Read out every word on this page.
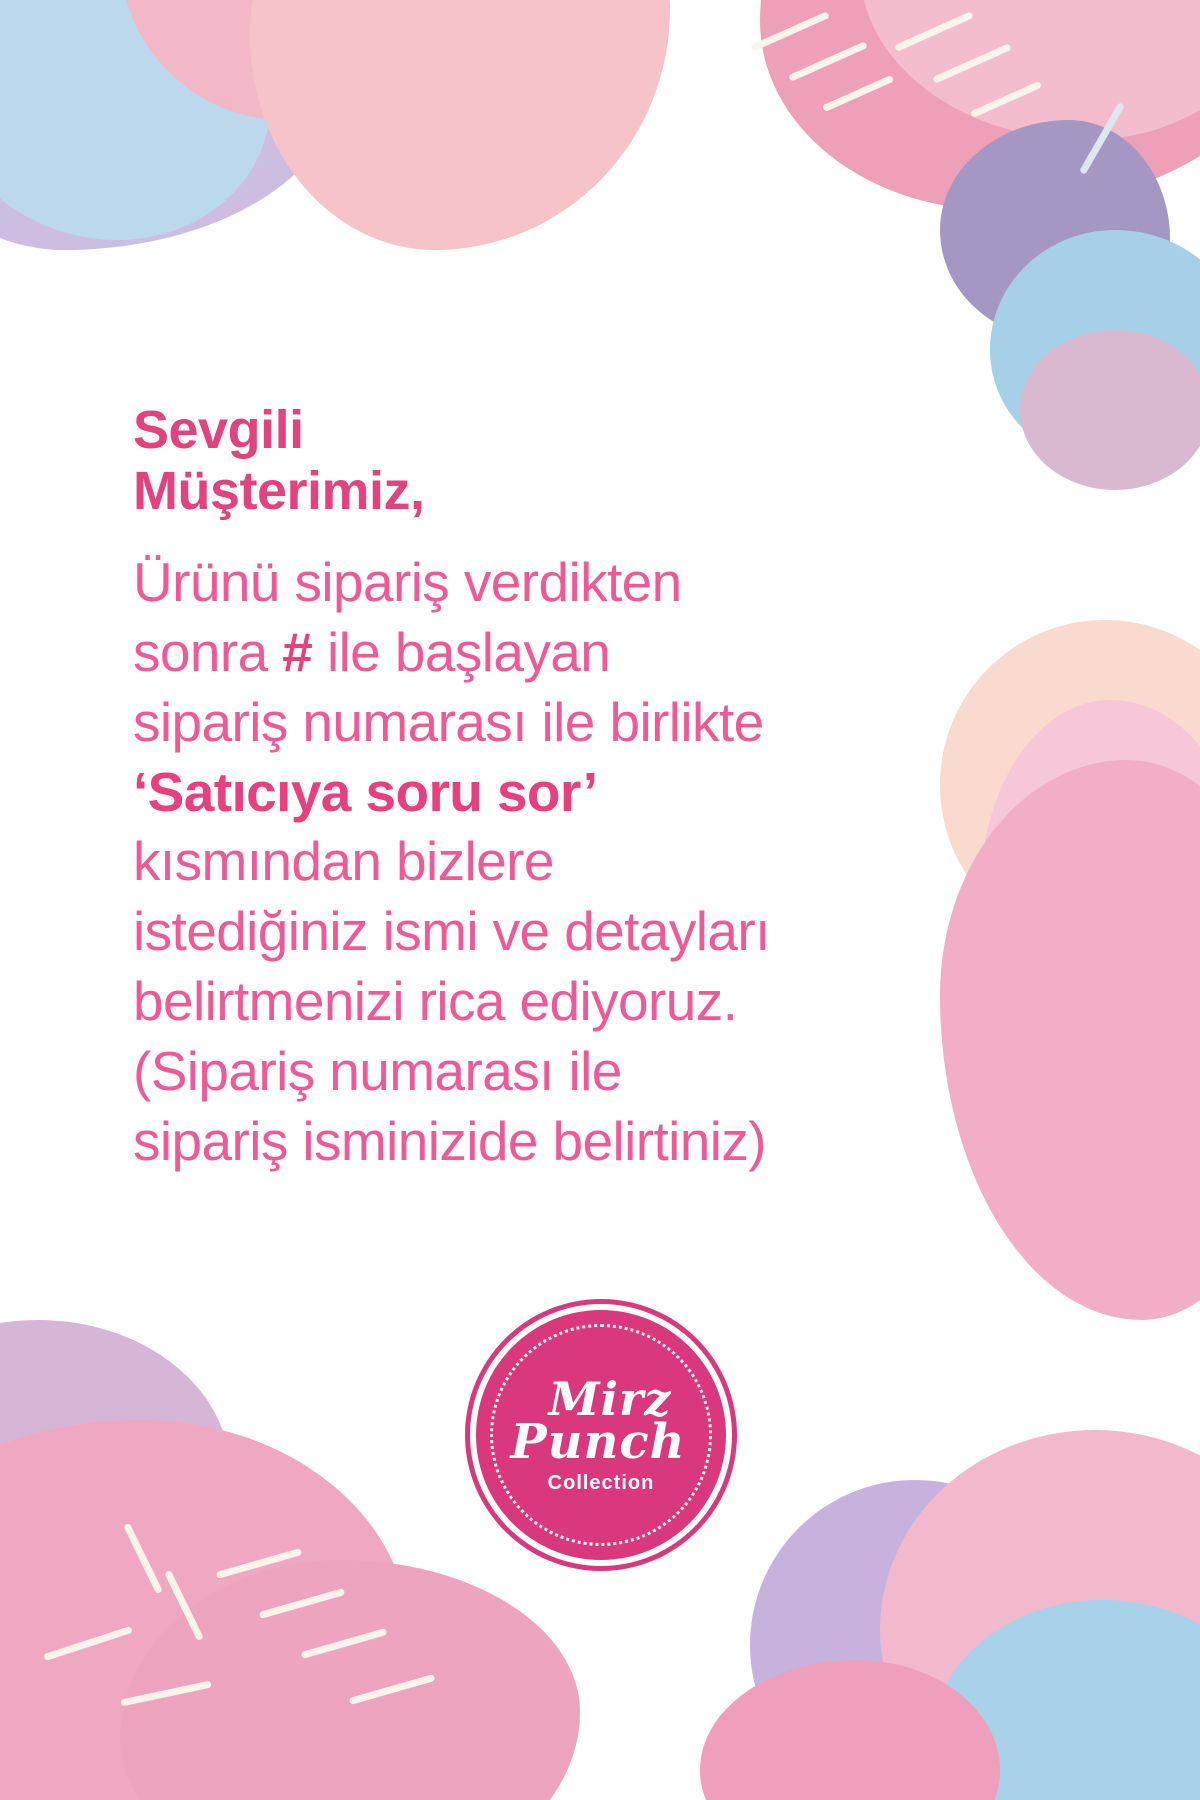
Sevgili Müşterimiz,

Ürünü sipariş verdikten
sonra # ile başlayan
sipariş numarası ile birlikte
‘Satıcıya soru sor’
kısmından bizlere
istediğiniz ismi ve detayları
belirtmenizi rica ediyoruz.
(Sipariş numarası ile
sipariş isminizide belirtiniz)

Mirz
Punch
Collection
